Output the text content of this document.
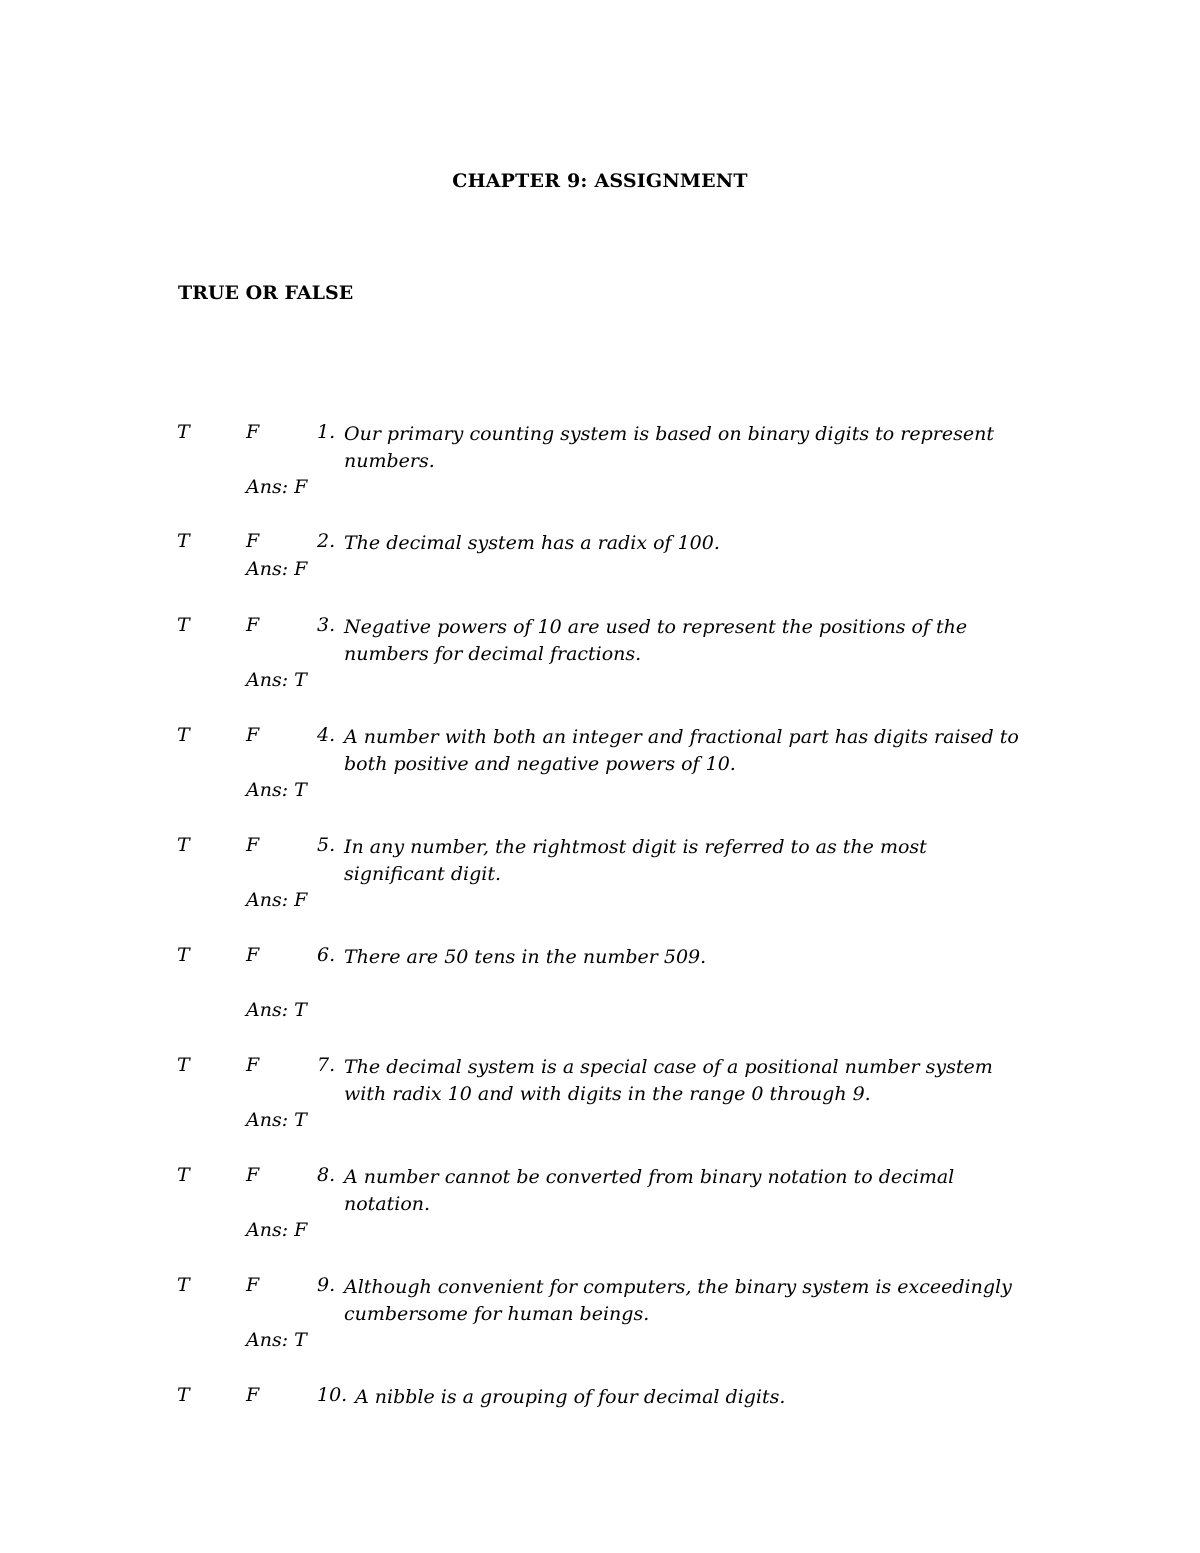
CHAPTER 9: ASSIGNMENT
TRUE OR FALSE
T	F	1. Our primary counting system is based on binary digits to represent numbers.
Ans: F
T	F	2. The decimal system has a radix of 100.
Ans: F
T	F	3. Negative powers of 10 are used to represent the positions of the numbers for decimal fractions.
Ans: T
T	F	4. A number with both an integer and fractional part has digits raised to both positive and negative powers of 10.
Ans: T
T	F	5. In any number, the rightmost digit is referred to as the most significant digit.
Ans: F
T	F	6. There are 50 tens in the number 509.
Ans: T
T	F	7. The decimal system is a special case of a positional number system with radix 10 and with digits in the range 0 through 9.
Ans: T
T	F	8. A number cannot be converted from binary notation to decimal notation.
Ans: F
T	F	9. Although convenient for computers, the binary system is exceedingly cumbersome for human beings.
Ans: T
T	F	10. A nibble is a grouping of four decimal digits.
